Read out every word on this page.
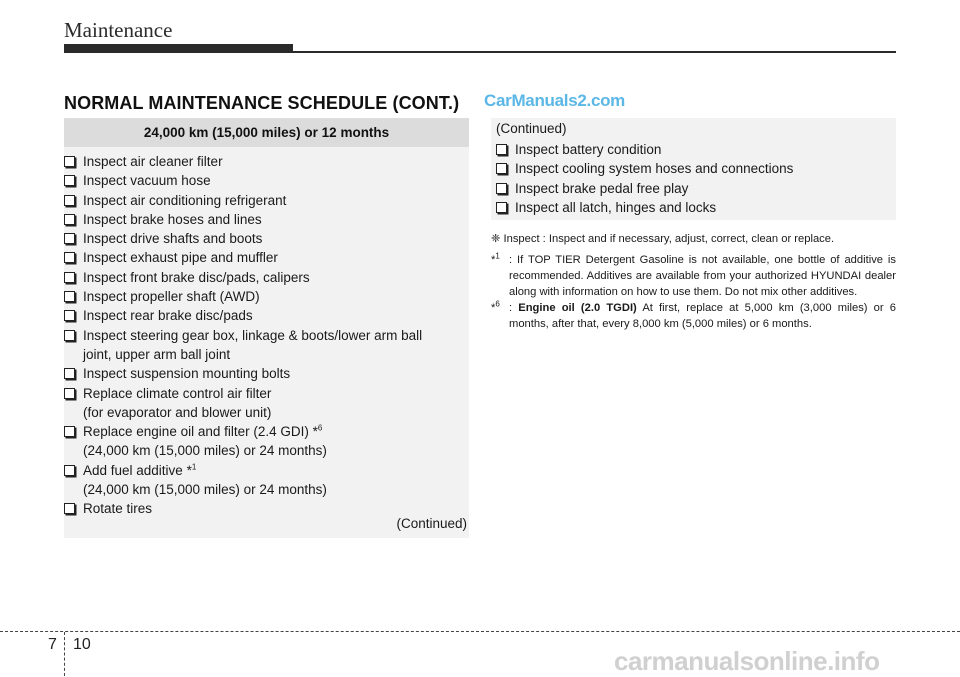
Maintenance
NORMAL MAINTENANCE SCHEDULE (CONT.) CarManuals2.com
24,000 km (15,000 miles) or 12 months
Inspect air cleaner filter
Inspect vacuum hose
Inspect air conditioning refrigerant
Inspect brake hoses and lines
Inspect drive shafts and boots
Inspect exhaust pipe and muffler
Inspect front brake disc/pads, calipers
Inspect propeller shaft (AWD)
Inspect rear brake disc/pads
Inspect steering gear box, linkage & boots/lower arm ball
joint, upper arm ball joint
Inspect suspension mounting bolts
Replace climate control air filter
(for evaporator and blower unit)
Replace engine oil and filter (2.4 GDI) *$^6$
(24,000 km (15,000 miles) or 24 months)
Add fuel additive *$^1$
(24,000 km (15,000 miles) or 24 months)
Rotate tires
(Continued)
(Continued)
Inspect battery condition
Inspect cooling system hoses and connections
Inspect brake pedal free play
Inspect all latch, hinges and locks
❈ Inspect : Inspect and if necessary, adjust, correct, clean or replace.
*$^1$ : If TOP TIER Detergent Gasoline is not available, one bottle of additive is recommended. Additives are available from your authorized HYUNDAI dealer along with information on how to use them. Do not mix other additives.
*$^6$ : Engine oil (2.0 TGDI) At first, replace at 5,000 km (3,000 miles) or 6 months, after that, every 8,000 km (5,000 miles) or 6 months.
7 10
carmanualsonline.info
